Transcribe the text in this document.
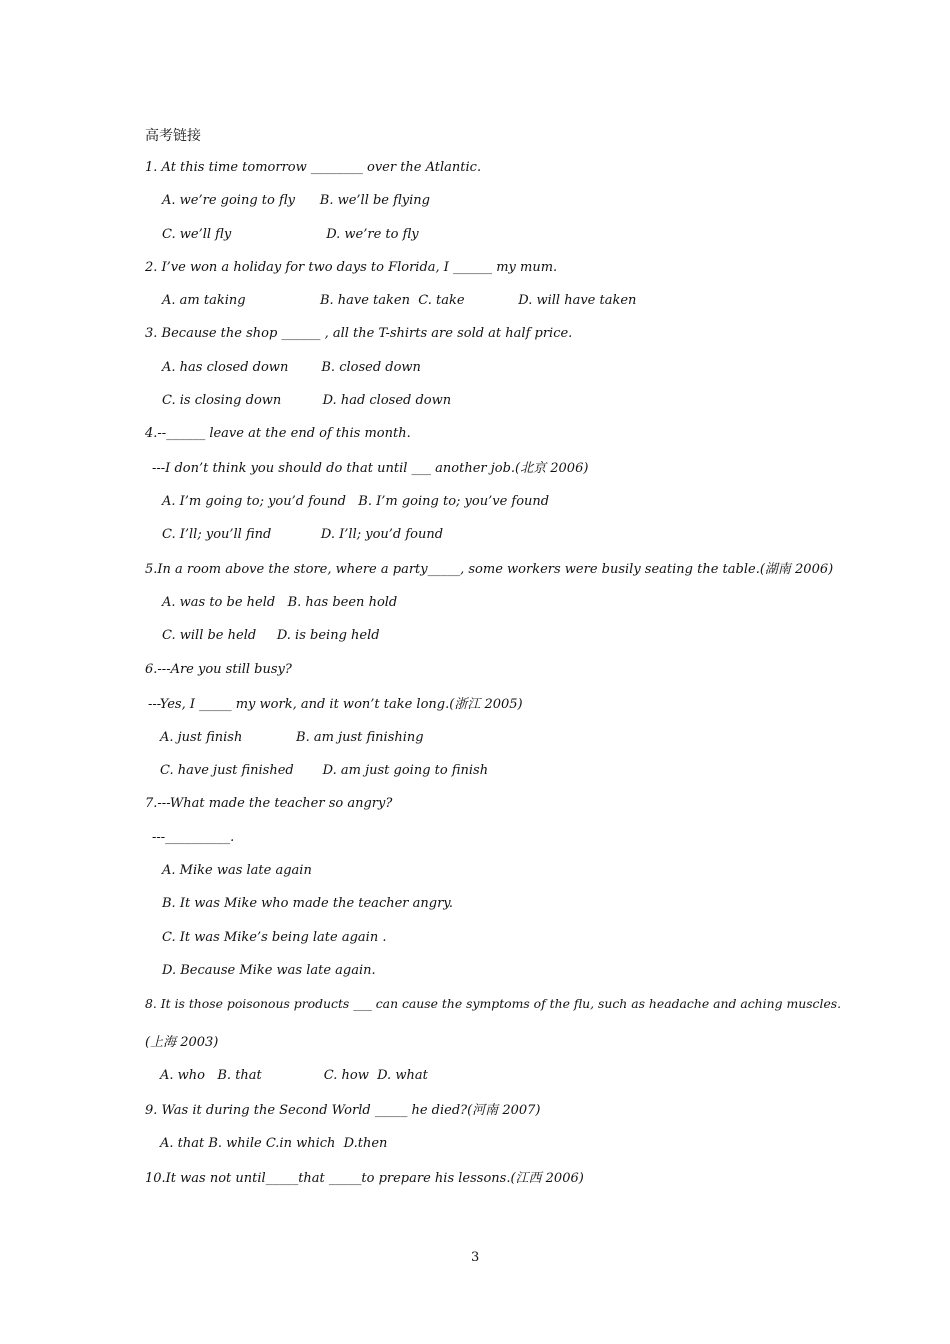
高考链接
1. At this time tomorrow ________ over the Atlantic.
A. we’re going to fly      B. we’ll be flying
C. we’ll fly                       D. we’re to fly
2. I’ve won a holiday for two days to Florida, I ______ my mum.
A. am taking                  B. have taken  C. take             D. will have taken
3. Because the shop ______ , all the T-shirts are sold at half price.
A. has closed down        B. closed down
C. is closing down          D. had closed down
4.--______ leave at the end of this month.
---I don’t think you should do that until ___ another job.(北京 2006)
A. I’m going to; you’d found   B. I’m going to; you’ve found
C. I’ll; you’ll find            D. I’ll; you’d found
5.In a room above the store, where a party_____, some workers were busily seating the table.(湖南 2006)
A. was to be held   B. has been hold
C. will be held     D. is being held
6.---Are you still busy?
---Yes, I _____ my work, and it won’t take long.(浙江 2005)
A. just finish             B. am just finishing
C. have just finished       D. am just going to finish
7.---What made the teacher so angry?
---__________.
A. Mike was late again
B. It was Mike who made the teacher angry.
C. It was Mike’s being late again .
D. Because Mike was late again.
8. It is those poisonous products ___ can cause the symptoms of the flu, such as headache and aching muscles.
(上海 2003)
A. who   B. that               C. how  D. what
9. Was it during the Second World _____ he died?(河南 2007)
A. that B. while C.in which  D.then
10.It was not until_____that _____to prepare his lessons.(江西 2006)
3
